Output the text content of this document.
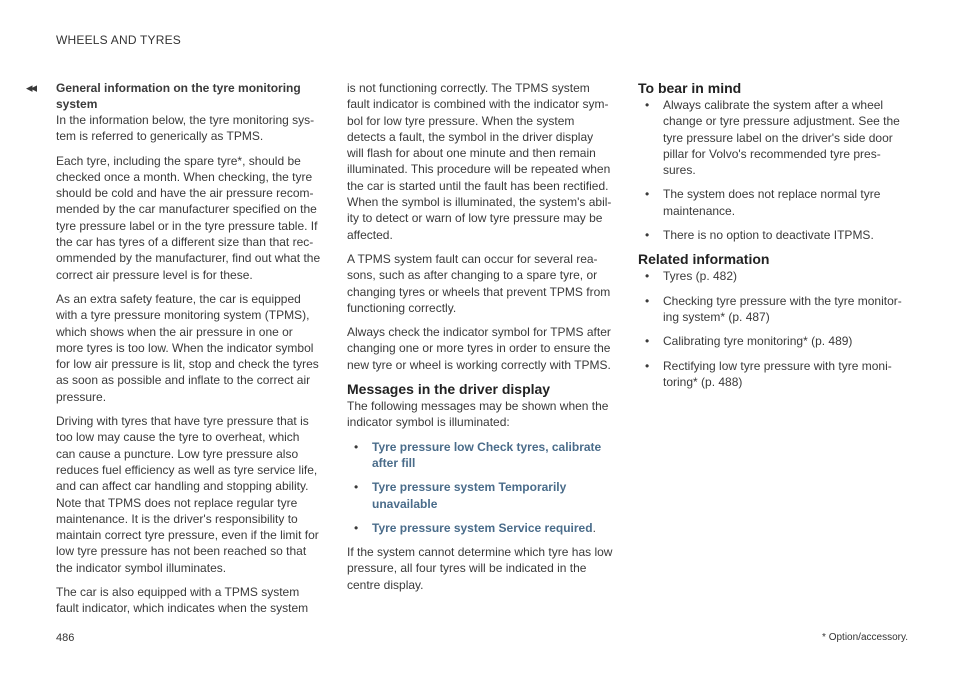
WHEELS AND TYRES
◂◂ General information on the tyre monitoring system

In the information below, the tyre monitoring sys-tem is referred to generically as TPMS.

Each tyre, including the spare tyre*, should be checked once a month. When checking, the tyre should be cold and have the air pressure recom-mended by the car manufacturer specified on the tyre pressure label or in the tyre pressure table. If the car has tyres of a different size than that rec-ommended by the manufacturer, find out what the correct air pressure level is for these.

As an extra safety feature, the car is equipped with a tyre pressure monitoring system (TPMS), which shows when the air pressure in one or more tyres is too low. When the indicator symbol for low air pressure is lit, stop and check the tyres as soon as possible and inflate to the correct air pressure.

Driving with tyres that have tyre pressure that is too low may cause the tyre to overheat, which can cause a puncture. Low tyre pressure also reduces fuel efficiency as well as tyre service life, and can affect car handling and stopping ability. Note that TPMS does not replace regular tyre maintenance. It is the driver's responsibility to maintain correct tyre pressure, even if the limit for low tyre pressure has not been reached so that the indicator symbol illuminates.

The car is also equipped with a TPMS system fault indicator, which indicates when the system

is not functioning correctly. The TPMS system fault indicator is combined with the indicator sym-bol for low tyre pressure. When the system detects a fault, the symbol in the driver display will flash for about one minute and then remain illuminated. This procedure will be repeated when the car is started until the fault has been rectified. When the symbol is illuminated, the system's abil-ity to detect or warn of low tyre pressure may be affected.

A TPMS system fault can occur for several rea-sons, such as after changing to a spare tyre, or changing tyres or wheels that prevent TPMS from functioning correctly.

Always check the indicator symbol for TPMS after changing one or more tyres in order to ensure the new tyre or wheel is working correctly with TPMS.

Messages in the driver display

The following messages may be shown when the indicator symbol is illuminated:

• Tyre pressure low Check tyres, calibrate after fill
• Tyre pressure system Temporarily unavailable
• Tyre pressure system Service required.

If the system cannot determine which tyre has low pressure, all four tyres will be indicated in the centre display.

To bear in mind
• Always calibrate the system after a wheel change or tyre pressure adjustment. See the tyre pressure label on the driver's side door pillar for Volvo's recommended tyre pres-sures.
• The system does not replace normal tyre maintenance.
• There is no option to deactivate ITPMS.
Related information
• Tyres (p. 482)
• Checking tyre pressure with the tyre monitor-ing system* (p. 487)
• Calibrating tyre monitoring* (p. 489)
• Rectifying low tyre pressure with tyre moni-toring* (p. 488)
486	* Option/accessory.
